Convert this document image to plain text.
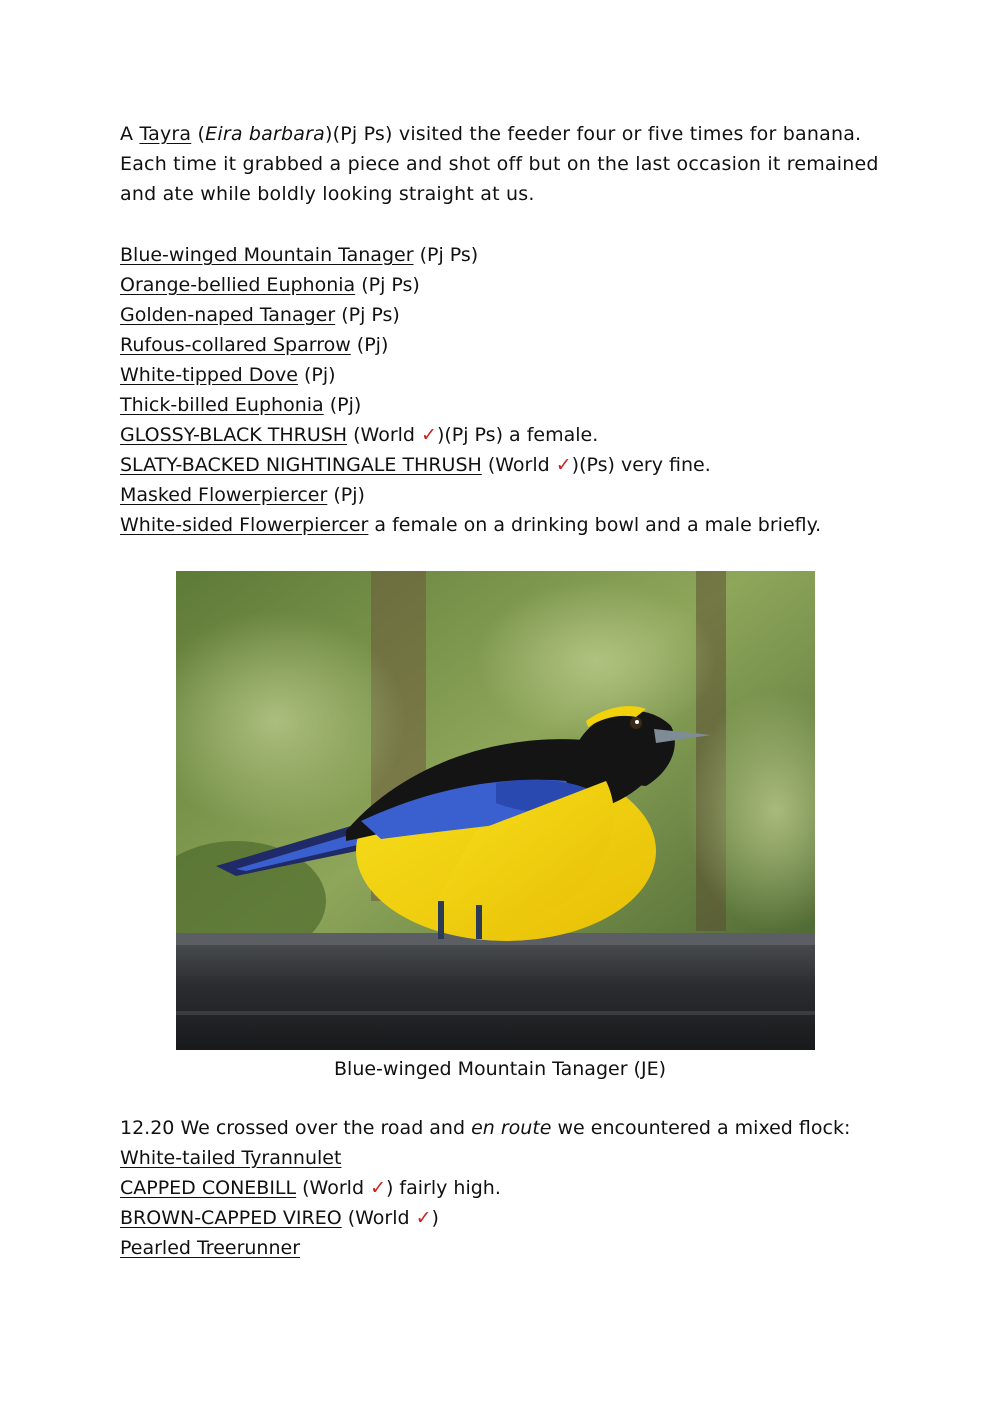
A Tayra (Eira barbara)(Pj Ps) visited the feeder four or five times for banana. Each time it grabbed a piece and shot off but on the last occasion it remained and ate while boldly looking straight at us.

Blue-winged Mountain Tanager (Pj Ps)
Orange-bellied Euphonia (Pj Ps)
Golden-naped Tanager (Pj Ps)
Rufous-collared Sparrow (Pj)
White-tipped Dove (Pj)
Thick-billed Euphonia (Pj)
GLOSSY-BLACK THRUSH (World ✓)(Pj Ps) a female.
SLATY-BACKED NIGHTINGALE THRUSH (World ✓)(Ps) very fine.
Masked Flowerpiercer (Pj)
White-sided Flowerpiercer a female on a drinking bowl and a male briefly.
Blue-winged Mountain Tanager (JE)

12.20 We crossed over the road and en route we encountered a mixed flock:

White-tailed Tyrannulet
CAPPED CONEBILL (World ✓) fairly high.
BROWN-CAPPED VIREO (World ✓)
Pearled Treerunner
